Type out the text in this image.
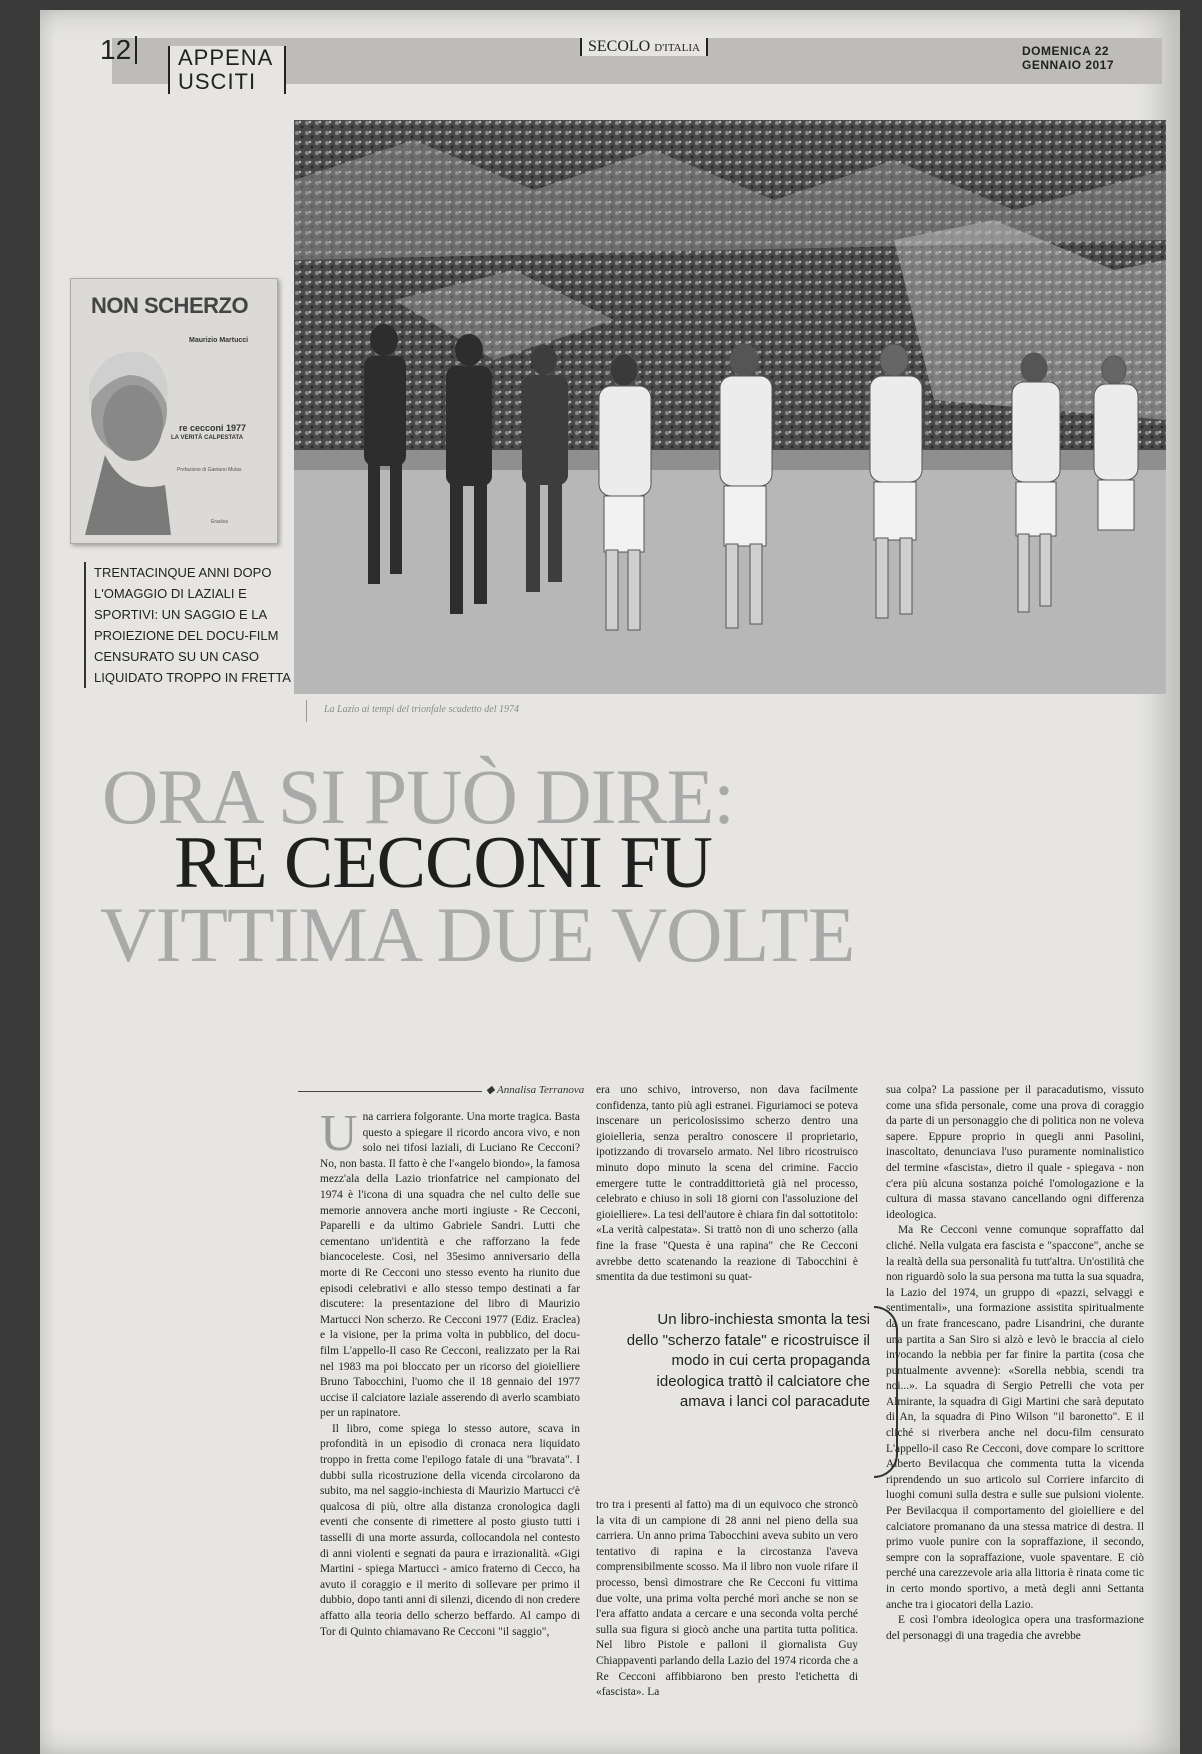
12	APPENA USCITI
SECOLO D'ITALIA	DOMENICA 22 GENNAIO 2017
La Lazio ai tempi del trionfale scudetto del 1974
NON SCHERZO
Maurizio Martucci
re cecconi 1977
LA VERITÀ CALPESTATA
Prefazione di Gaetano Mulas
Eraclea
TRENTACINQUE ANNI DOPO L'OMAGGIO DI LAZIALI E SPORTIVI: UN SAGGIO E LA PROIEZIONE DEL DOCU-FILM CENSURATO SU UN CASO LIQUIDATO TROPPO IN FRETTA
ORA SI PUÒ DIRE:
RE CECCONI FU
VITTIMA DUE VOLTE
◆ Annalisa Terranova

Una carriera folgorante. Una morte tragica. Basta questo a spiegare il ricordo ancora vivo, e non solo nei tifosi laziali, di Luciano Re Cecconi? No, non basta. Il fatto è che l'«angelo biondo», la famosa mezz'ala della Lazio trionfatrice nel campionato del 1974 è l'icona di una squadra che nel culto delle sue memorie annovera anche morti ingiuste - Re Cecconi, Paparelli e da ultimo Gabriele Sandri. Lutti che cementano un'identità e che rafforzano la fede biancoceleste. Così, nel 35esimo anniversario della morte di Re Cecconi uno stesso evento ha riunito due episodi celebrativi e allo stesso tempo destinati a far discutere: la presentazione del libro di Maurizio Martucci Non scherzo. Re Cecconi 1977 (Ediz. Eraclea) e la visione, per la prima volta in pubblico, del docu-film L'appello-Il caso Re Cecconi, realizzato per la Rai nel 1983 ma poi bloccato per un ricorso del gioielliere Bruno Tabocchini, l'uomo che il 18 gennaio del 1977 uccise il calciatore laziale asserendo di averlo scambiato per un rapinatore.

Il libro, come spiega lo stesso autore, scava in profondità in un episodio di cronaca nera liquidato troppo in fretta come l'epilogo fatale di una "bravata". I dubbi sulla ricostruzione della vicenda circolarono da subito, ma nel saggio-inchiesta di Maurizio Martucci c'è qualcosa di più, oltre alla distanza cronologica dagli eventi che consente di rimettere al posto giusto tutti i tasselli di una morte assurda, collocandola nel contesto di anni violenti e segnati da paura e irrazionalità. «Gigi Martini - spiega Martucci - amico fraterno di Cecco, ha avuto il coraggio e il merito di sollevare per primo il dubbio, dopo tanti anni di silenzi, dicendo di non credere affatto alla teoria dello scherzo beffardo. Al campo di Tor di Quinto chiamavano Re Cecconi "il saggio",

era uno schivo, introverso, non dava facilmente confidenza, tanto più agli estranei. Figuriamoci se poteva inscenare un pericolosissimo scherzo dentro una gioielleria, senza peraltro conoscere il proprietario, ipotizzando di trovarselo armato. Nel libro ricostruisco minuto dopo minuto la scena del crimine. Faccio emergere tutte le contraddittorietà già nel processo, celebrato e chiuso in soli 18 giorni con l'assoluzione del gioielliere». La tesi dell'autore è chiara fin dal sottotitolo: «La verità calpestata». Si trattò non di uno scherzo (alla fine la frase "Questa è una rapina" che Re Cecconi avrebbe detto scatenando la reazione di Tabocchini è smentita da due testimoni su quat-

Un libro-inchiesta smonta la tesi dello "scherzo fatale" e ricostruisce il modo in cui certa propaganda ideologica trattò il calciatore che amava i lanci col paracadute

tro tra i presenti al fatto) ma di un equivoco che stroncò la vita di un campione di 28 anni nel pieno della sua carriera. Un anno prima Tabocchini aveva subito un vero tentativo di rapina e la circostanza l'aveva comprensibilmente scosso. Ma il libro non vuole rifare il processo, bensì dimostrare che Re Cecconi fu vittima due volte, una prima volta perché morì anche se non se l'era affatto andata a cercare e una seconda volta perché sulla sua figura si giocò anche una partita tutta politica. Nel libro Pistole e palloni il giornalista Guy Chiappaventi parlando della Lazio del 1974 ricorda che a Re Cecconi affibbiarono ben presto l'etichetta di «fascista». La

sua colpa? La passione per il paracadutismo, vissuto come una sfida personale, come una prova di coraggio da parte di un personaggio che di politica non ne voleva sapere. Eppure proprio in quegli anni Pasolini, inascoltato, denunciava l'uso puramente nominalistico del termine «fascista», dietro il quale - spiegava - non c'era più alcuna sostanza poiché l'omologazione e la cultura di massa stavano cancellando ogni differenza ideologica.

Ma Re Cecconi venne comunque sopraffatto dal cliché. Nella vulgata era fascista e "spaccone", anche se la realtà della sua personalità fu tutt'altra. Un'ostilità che non riguardò solo la sua persona ma tutta la sua squadra, la Lazio del 1974, un gruppo di «pazzi, selvaggi e sentimentali», una formazione assistita spiritualmente da un frate francescano, padre Lisandrini, che durante una partita a San Siro si alzò e levò le braccia al cielo invocando la nebbia per far finire la partita (cosa che puntualmente avvenne): «Sorella nebbia, scendi tra noi...». La squadra di Sergio Petrelli che vota per Almirante, la squadra di Gigi Martini che sarà deputato di An, la squadra di Pino Wilson "il baronetto". E il cliché si riverbera anche nel docu-film censurato L'appello-il caso Re Cecconi, dove compare lo scrittore Alberto Bevilacqua che commenta tutta la vicenda riprendendo un suo articolo sul Corriere infarcito di luoghi comuni sulla destra e sulle sue pulsioni violente. Per Bevilacqua il comportamento del gioielliere e del calciatore promanano da una stessa matrice di destra. Il primo vuole punire con la sopraffazione, il secondo, sempre con la sopraffazione, vuole spaventare. E ciò perché una carezzevole aria alla littoria è rinata come tic in certo mondo sportivo, a metà degli anni Settanta anche tra i giocatori della Lazio.

E così l'ombra ideologica opera una trasformazione del personaggi di una tragedia che avrebbe
